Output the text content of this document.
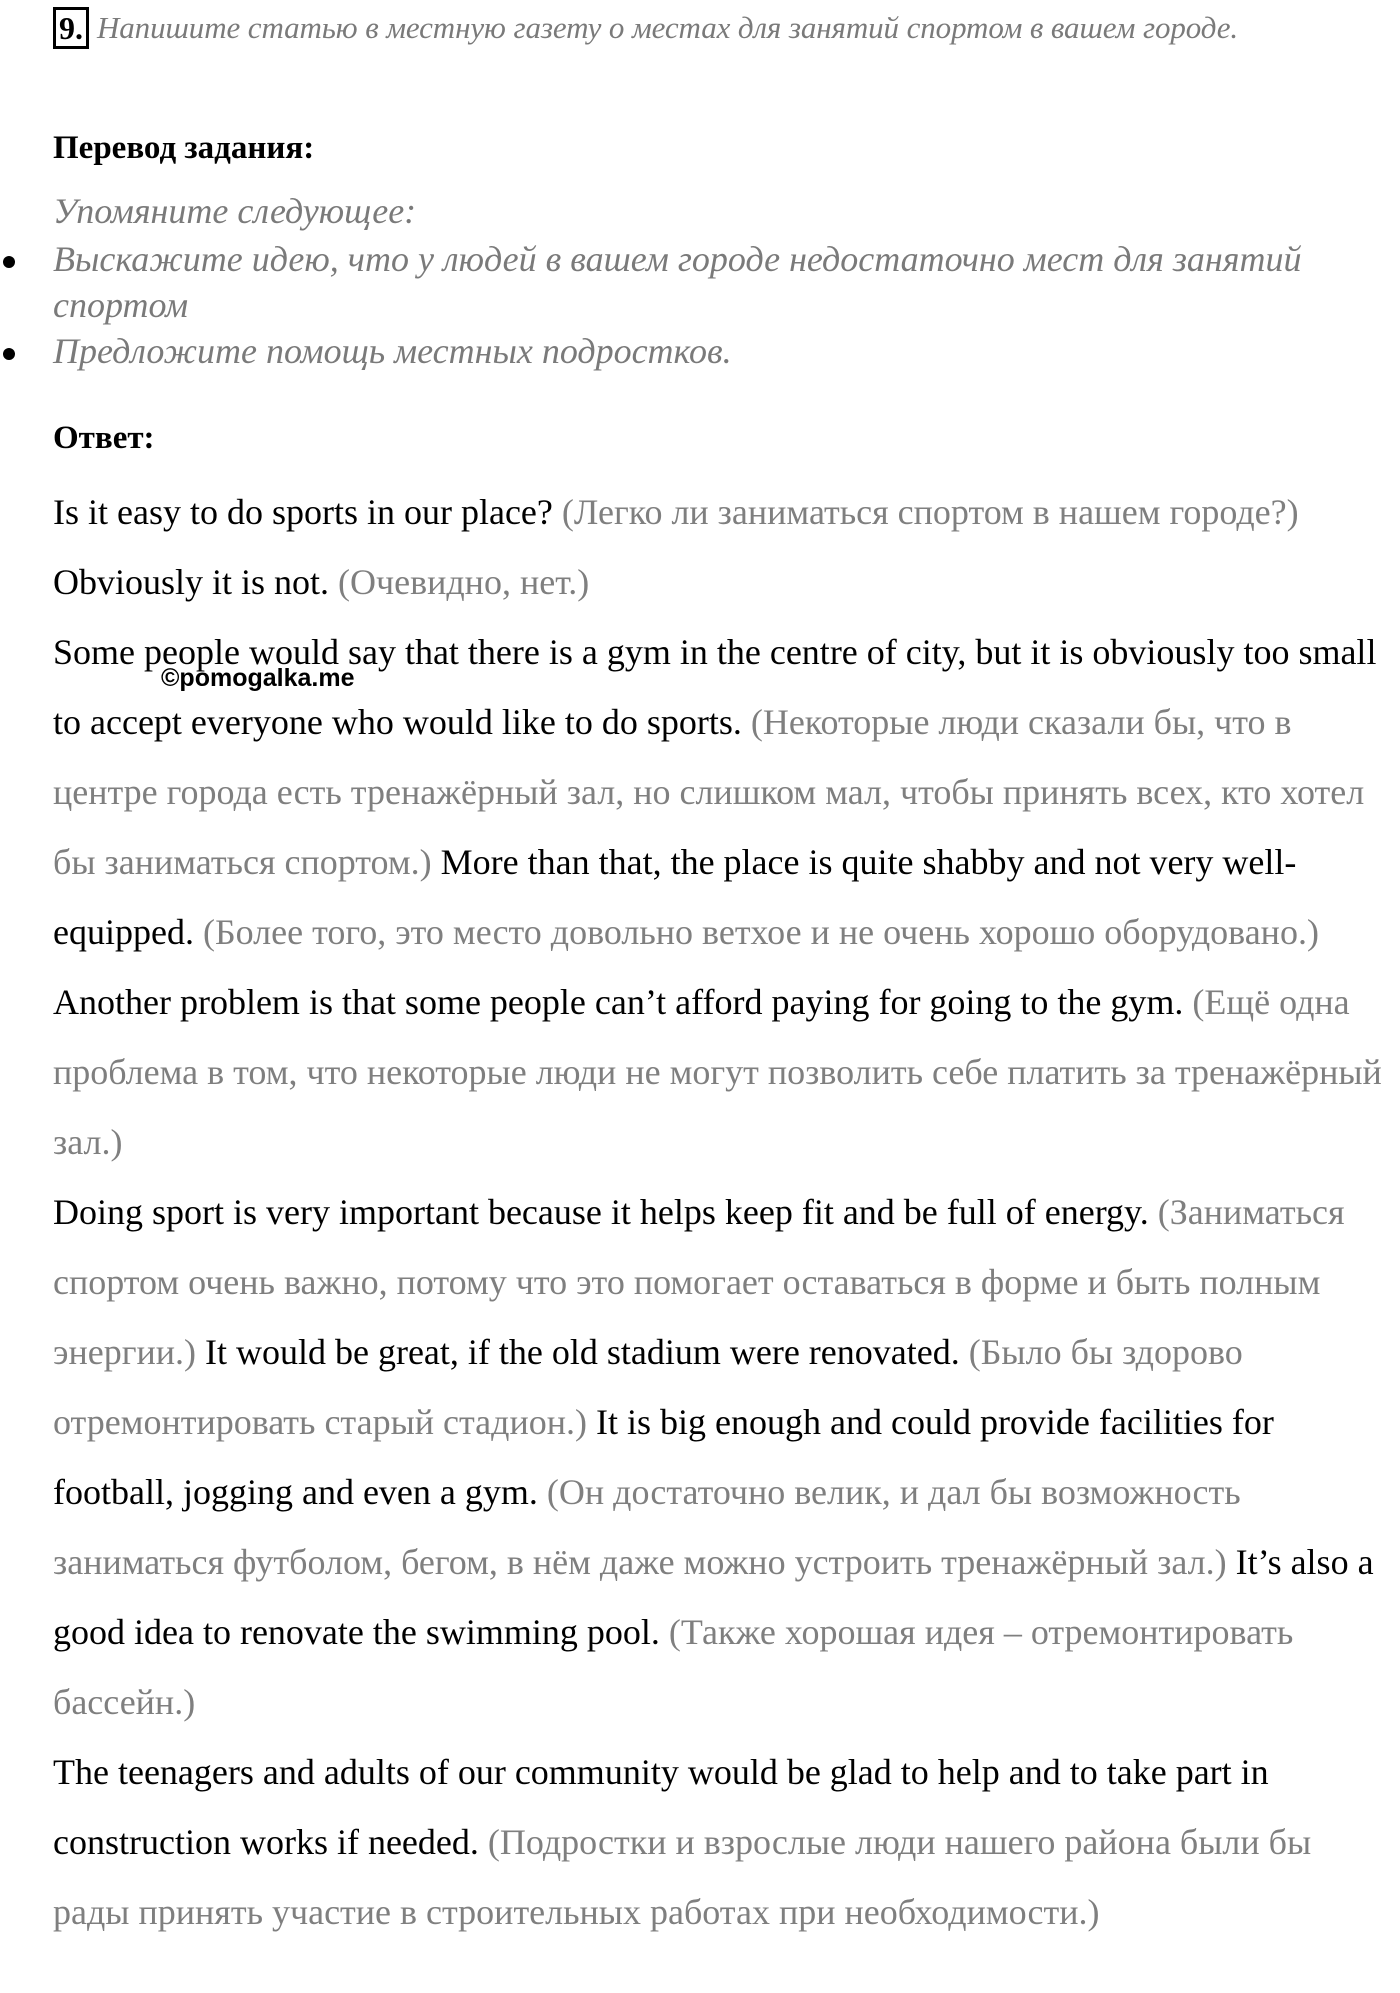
9. Напишите статью в местную газету о местах для занятий спортом в вашем городе.
Перевод задания:
Упомяните следующее:
Выскажите идею, что у людей в вашем городе недостаточно мест для занятий спортом
Предложите помощь местных подростков.
Ответ:

Is it easy to do sports in our place? (Легко ли заниматься спортом в нашем городе?) Obviously it is not. (Очевидно, нет.)

Some people would say that there is a gym in the centre of city, but it is obviously too small to accept everyone who would like to do sports. (Некоторые люди сказали бы, что в центре города есть тренажёрный зал, но слишком мал, чтобы принять всех, кто хотел бы заниматься спортом.) More than that, the place is quite shabby and not very well-equipped. (Более того, это место довольно ветхое и не очень хорошо оборудовано.) Another problem is that some people can’t afford paying for going to the gym. (Ещё одна проблема в том, что некоторые люди не могут позволить себе платить за тренажёрный зал.)

Doing sport is very important because it helps keep fit and be full of energy. (Заниматься спортом очень важно, потому что это помогает оставаться в форме и быть полным энергии.) It would be great, if the old stadium were renovated. (Было бы здорово отремонтировать старый стадион.) It is big enough and could provide facilities for football, jogging and even a gym. (Он достаточно велик, и дал бы возможность заниматься футболом, бегом, в нём даже можно устроить тренажёрный зал.) It’s also a good idea to renovate the swimming pool. (Также хорошая идея – отремонтировать бассейн.)

The teenagers and adults of our community would be glad to help and to take part in construction works if needed. (Подростки и взрослые люди нашего района были бы рады принять участие в строительных работах при необходимости.)

©pomogalka.me
